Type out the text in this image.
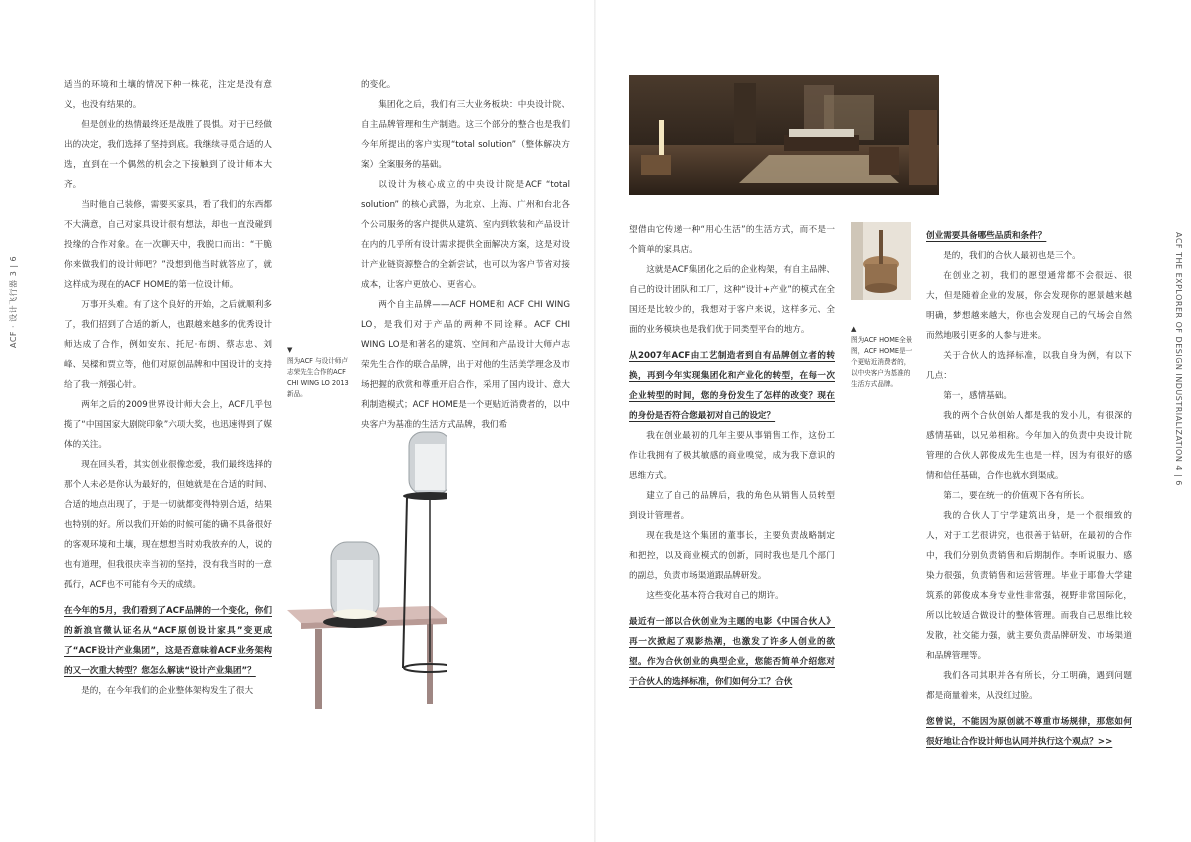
ACF · 设计飞行器 3 | 6

适当的环境和土壤的情况下种一株花，注定是没有意义，也没有结果的。

但是创业的热情最终还是战胜了畏惧。对于已经做出的决定，我们选择了坚持到底。我继续寻觅合适的人选，直到在一个偶然的机会之下接触到了设计师本大齐。

当时他自己装修，需要买家具，看了我们的东西都不大满意，自己对家具设计很有想法，却也一直没碰到投缘的合作对象。在一次聊天中，我脱口而出：“干脆你来做我们的设计师吧？”没想到他当时就答应了，就这样成为现在的ACF HOME的第一位设计师。

万事开头难。有了这个良好的开始，之后就顺利多了，我们招到了合适的新人，也跟越来越多的优秀设计师达成了合作，例如安东、托尼·布朗、蔡志忠、刘峰、吴樑和贾立等，他们对原创品牌和中国设计的支持给了我一剂强心针。

两年之后的2009世界设计师大会上，ACF几乎包揽了“中国国家大剧院印象”六项大奖，也迅速得到了媒体的关注。

现在回头看，其实创业很像恋爱，我们最终选择的那个人未必是你认为最好的，但她就是在合适的时间、合适的地点出现了，于是一切就都变得特别合适，结果也特别的好。所以我们开始的时候可能的确不具备很好的客观环境和土壤，现在想想当时劝我放弃的人，说的也有道理，但我很庆幸当初的坚持，没有我当时的一意孤行，ACF也不可能有今天的成绩。

在今年的5月，我们看到了ACF品牌的一个变化，你们的新浪官微认证名从“ACF原创设计家具”变更成了“ACF设计产业集团”，这是否意味着ACF业务架构的又一次重大转型？您怎么解读“设计产业集团”？

是的，在今年我们的企业整体架构发生了很大

的变化。

集团化之后，我们有三大业务板块：中央设计院、自主品牌管理和生产制造。这三个部分的整合也是我们今年所提出的客户实现“total solution”（整体解决方案）全案服务的基础。

以设计为核心成立的中央设计院是ACF “total solution” 的核心武器，为北京、上海、广州和台北各个公司服务的客户提供从建筑、室内到软装和产品设计在内的几乎所有设计需求提供全面解决方案，这是对设计产业链资源整合的全新尝试，也可以为客户节省对接成本，让客户更放心、更省心。

两个自主品牌——ACF HOME和 ACF CHI WING LO，是我们对于产品的两种不同诠释。ACF CHI WING LO是和著名的建筑、空间和产品设计大师卢志荣先生合作的联合品牌，出于对他的生活美学理念及市场把握的欣赏和尊重开启合作，采用了国内设计、意大利制造模式；ACF HOME是一个更贴近消费者的，以中央客户为基准的生活方式品牌，我们希

▼
图为ACF 与设计师卢志荣先生合作的ACF CHI WING LO 2013新品。	ACF THE EXPLORER OF DESIGN INDUSTRIALIZATION 4 | 6

望借由它传递一种“用心生活”的生活方式，而不是一个简单的家具店。

这就是ACF集团化之后的企业构架，有自主品牌、自己的设计团队和工厂，这种“设计+产业”的模式在全国还是比较少的，我想对于客户来说，这样多元、全面的业务模块也是我们优于同类型平台的地方。

从2007年ACF由工艺制造者到自有品牌创立者的转换，再到今年实现集团化和产业化的转型，在每一次企业转型的时间，您的身份发生了怎样的改变？现在的身份是否符合您最初对自己的设定？

我在创业最初的几年主要从事销售工作，这份工作让我拥有了极其敏感的商业嗅觉，成为我下意识的思维方式。

建立了自己的品牌后，我的角色从销售人员转型到设计管理者。

现在我是这个集团的董事长，主要负责战略制定和把控，以及商业模式的创新，同时我也是几个部门的副总，负责市场渠道跟品牌研发。

这些变化基本符合我对自己的期许。

最近有一部以合伙创业为主题的电影《中国合伙人》再一次掀起了观影热潮，也激发了许多人创业的欲望。作为合伙创业的典型企业，您能否简单介绍您对于合伙人的选择标准，你们如何分工？合伙

▲
图为ACF HOME全景图，ACF HOME是一个更贴近消费者的，以中央客户为基准的生活方式品牌。

创业需要具备哪些品质和条件？

是的，我们的合伙人最初也是三个。

在创业之初，我们的愿望通常都不会很远、很大，但是随着企业的发展，你会发现你的愿景越来越明确，梦想越来越大，你也会发现自己的气场会自然而然地吸引更多的人参与进来。

关于合伙人的选择标准，以我自身为例，有以下几点：

第一，感情基础。

我的两个合伙创始人都是我的发小儿，有很深的感情基础，以兄弟相称。今年加入的负责中央设计院管理的合伙人郭俊成先生也是一样，因为有很好的感情和信任基础，合作也就水到渠成。

第二，要在统一的价值观下各有所长。

我的合伙人丁宁学建筑出身，是一个很细致的人，对于工艺很讲究，也很善于钻研，在最初的合作中，我们分别负责销售和后期制作。李昕说服力、感染力很强，负责销售和运营管理。毕业于耶鲁大学建筑系的郭俊成本身专业性非常强，视野非常国际化，所以比较适合做设计的整体管理。而我自己思维比较发散，社交能力强，就主要负责品牌研发、市场渠道和品牌管理等。

我们各司其职并各有所长，分工明确，遇到问题都是商量着来，从没红过脸。

您曾说，不能因为原创就不尊重市场规律，那您如何很好地让合作设计师也认同并执行这个观点？>>
